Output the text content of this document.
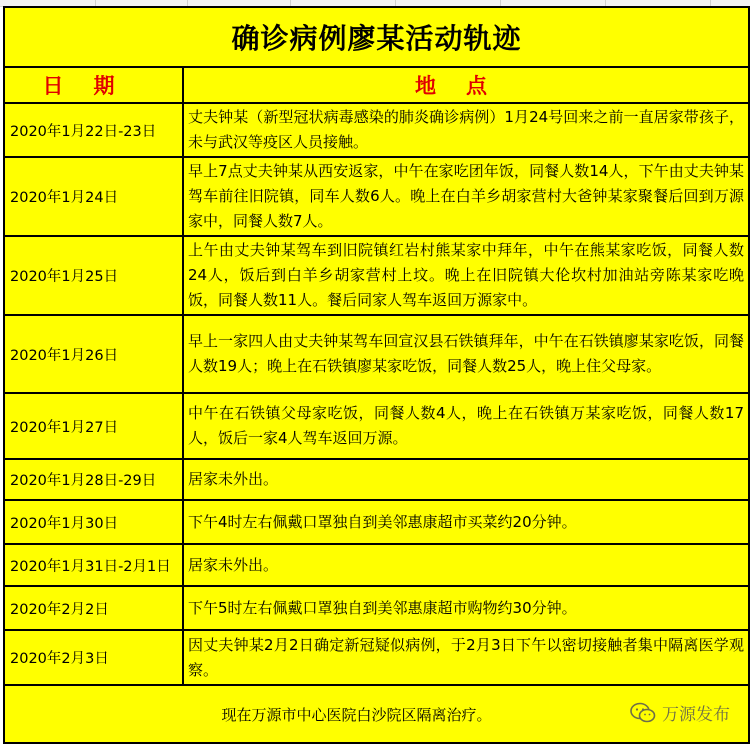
确诊病例廖某活动轨迹	
日期	地点
2020年1月22日-23日	丈夫钟某（新型冠状病毒感染的肺炎确诊病例）1月24号回来之前一直居家带孩子，未与武汉等疫区人员接触。
2020年1月24日	早上7点丈夫钟某从西安返家，中午在家吃团年饭，同餐人数14人，下午由丈夫钟某驾车前往旧院镇，同车人数6人。晚上在白羊乡胡家营村大爸钟某家聚餐后回到万源家中，同餐人数7人。
2020年1月25日	上午由丈夫钟某驾车到旧院镇红岩村熊某家中拜年，中午在熊某家吃饭，同餐人数24人，饭后到白羊乡胡家营村上坟。晚上在旧院镇大伦坎村加油站旁陈某家吃晚饭，同餐人数11人。餐后同家人驾车返回万源家中。
2020年1月26日	早上一家四人由丈夫钟某驾车回宣汉县石铁镇拜年，中午在石铁镇廖某家吃饭，同餐人数19人；晚上在石铁镇廖某家吃饭，同餐人数25人，晚上住父母家。
2020年1月27日	中午在石铁镇父母家吃饭，同餐人数4人，晚上在石铁镇万某家吃饭，同餐人数17人，饭后一家4人驾车返回万源。
2020年1月28日-29日	居家未外出。
2020年1月30日	下午4时左右佩戴口罩独自到美邻惠康超市买菜约20分钟。
2020年1月31日-2月1日	居家未外出。
2020年2月2日	下午5时左右佩戴口罩独自到美邻惠康超市购物约30分钟。
2020年2月3日	因丈夫钟某2月2日确定新冠疑似病例，于2月3日下午以密切接触者集中隔离医学观察。
现在万源市中心医院白沙院区隔离治疗。 万源发布	
